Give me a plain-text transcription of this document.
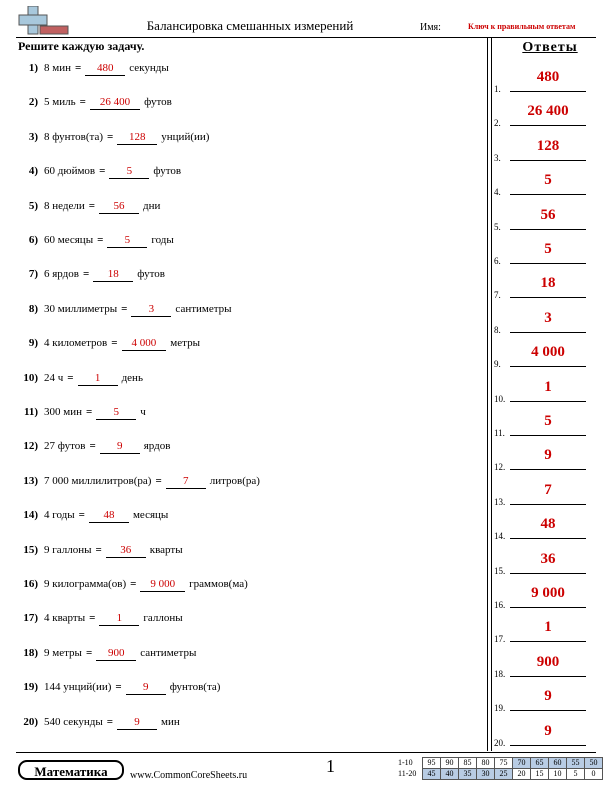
Балансировка смешанных измерений	Имя:	Ключ к правильным ответам
Решите каждую задачу.
1) 8 мин =	480	секунды
2) 5 миль =	26 400	футов
3) 8 фунтов(та) =	128	унций(ии)
4) 60 дюймов =	5	футов
5) 8 недели =	56	дни
6) 60 месяцы =	5	годы
7) 6 ярдов =	18	футов
8) 30 миллиметры =	3	сантиметры
9) 4 километров =	4 000	метры
10) 24 ч =	1	день
11) 300 мин =	5	ч
12) 27 футов =	9	ярдов
13) 7 000 миллилитров(ра) =	7	литров(ра)
14) 4 годы =	48	месяцы
15) 9 галлоны =	36	кварты
16) 9 килограмма(ов) =	9 000	граммов(ма)
17) 4 кварты =	1	галлоны
18) 9 метры =	900	сантиметры
19) 144 унций(ии) =	9	фунтов(та)
20) 540 секунды =	9	мин
Ответы
1.
480
2.
26 400
3.
128
4.
5
5.
56
6.
5
7.
18
8.
3
9.
4 000
10.
1
11.
5
12.
9
13.
7
14.
48
15.
36
16.
9 000
17.
1
18.
900
19.
9
20.
9
Математика	www.CommonCoreSheets.ru	1	1-10	95	90	85	80	75	70	65	60	55	50
11-20	45	40	35	30	25	20	15	10	5	0
